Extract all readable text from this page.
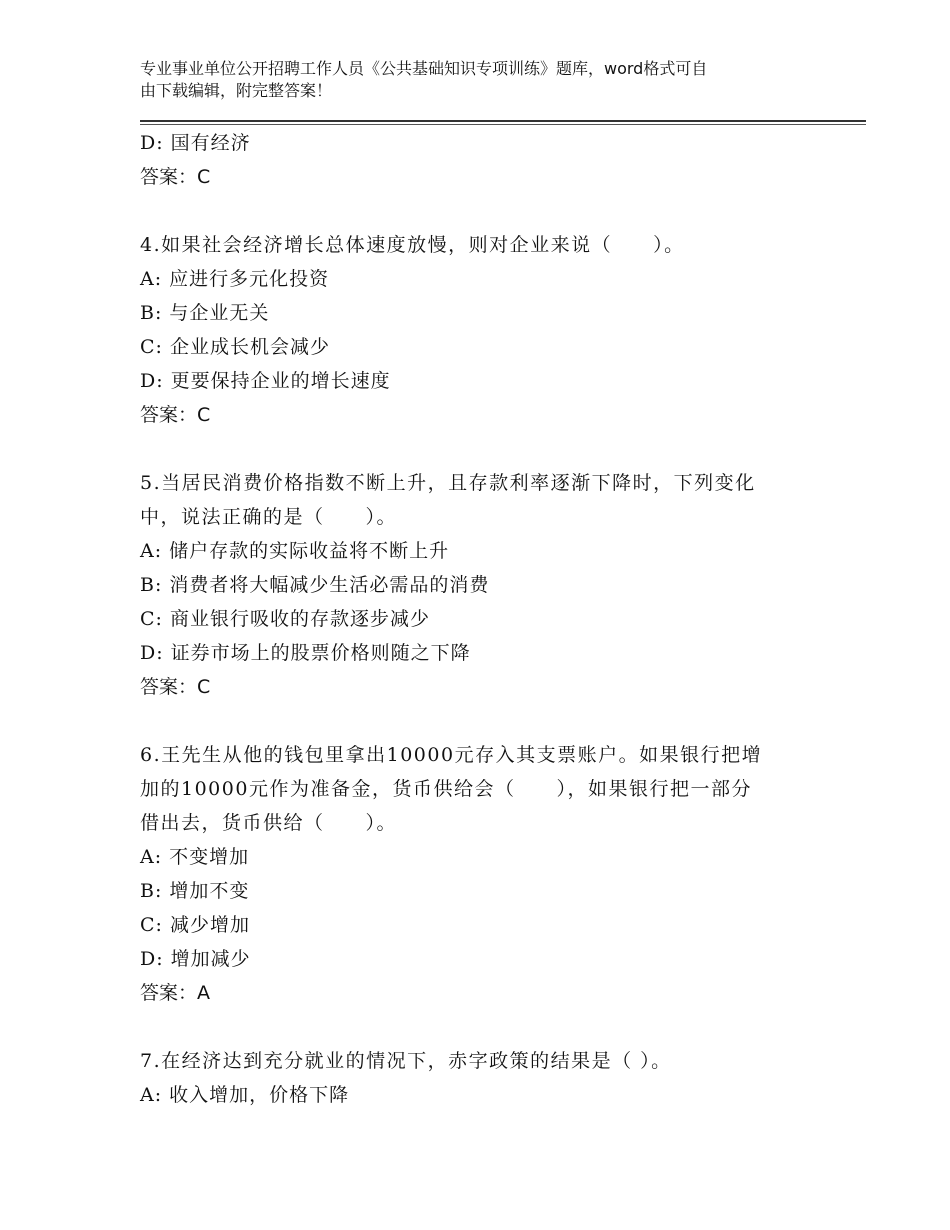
专业事业单位公开招聘工作人员《公共基础知识专项训练》题库，word格式可自
由下载编辑，附完整答案！
D: 国有经济
答案：C
4.如果社会经济增长总体速度放慢，则对企业来说（　　）。
A: 应进行多元化投资
B: 与企业无关
C: 企业成长机会减少
D: 更要保持企业的增长速度
答案：C
5.当居民消费价格指数不断上升，且存款利率逐渐下降时，下列变化
中，说法正确的是（　　）。
A: 储户存款的实际收益将不断上升
B: 消费者将大幅减少生活必需品的消费
C: 商业银行吸收的存款逐步减少
D: 证券市场上的股票价格则随之下降
答案：C
6.王先生从他的钱包里拿出10000元存入其支票账户。如果银行把增
加的10000元作为准备金，货币供给会（　　），如果银行把一部分
借出去，货币供给（　　）。
A: 不变增加
B: 增加不变
C: 减少增加
D: 增加减少
答案：A
7.在经济达到充分就业的情况下，赤字政策的结果是（ ）。
A: 收入增加，价格下降
